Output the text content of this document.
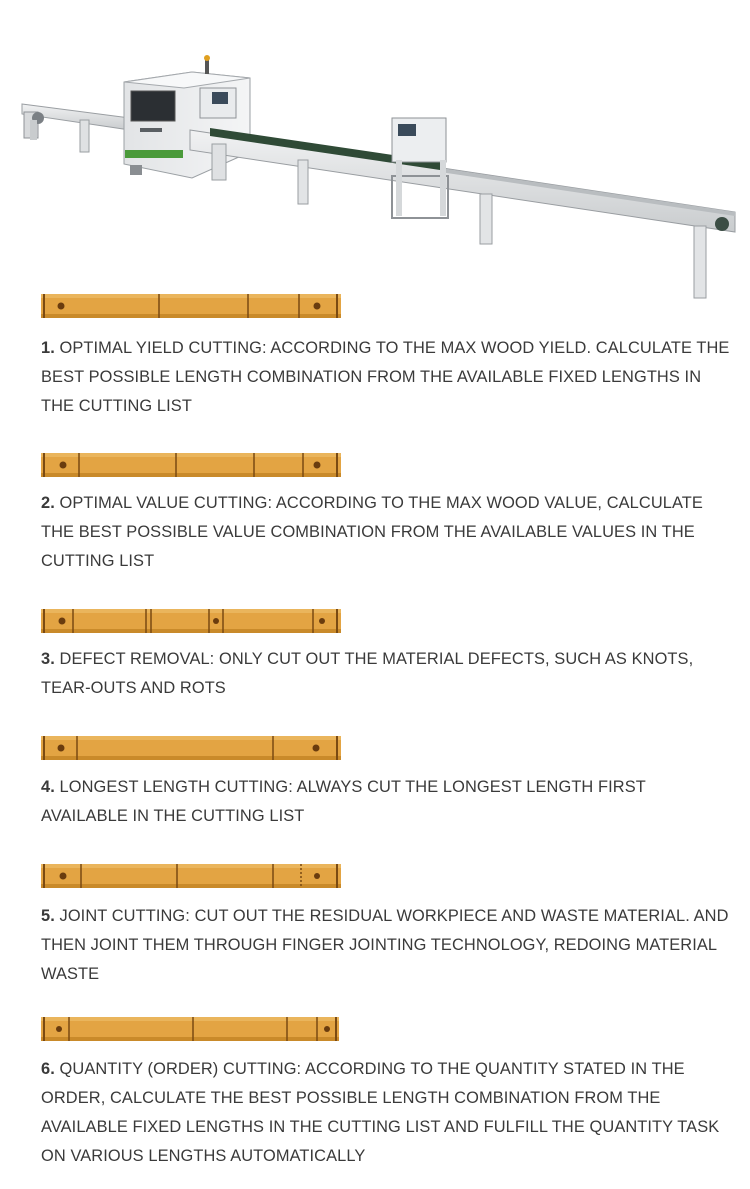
1. OPTIMAL YIELD CUTTING: ACCORDING TO THE MAX WOOD YIELD. CALCULATE THE BEST POSSIBLE LENGTH COMBINATION FROM THE AVAILABLE FIXED LENGTHS IN THE CUTTING LIST

2. OPTIMAL VALUE CUTTING: ACCORDING TO THE MAX WOOD VALUE, CALCULATE THE BEST POSSIBLE VALUE COMBINATION FROM THE AVAILABLE VALUES IN THE CUTTING LIST

3. DEFECT REMOVAL: ONLY CUT OUT THE MATERIAL DEFECTS, SUCH AS KNOTS, TEAR-OUTS AND ROTS

4. LONGEST LENGTH CUTTING: ALWAYS CUT THE LONGEST LENGTH FIRST AVAILABLE IN THE CUTTING LIST

5. JOINT CUTTING: CUT OUT THE RESIDUAL WORKPIECE AND WASTE MATERIAL. AND THEN JOINT THEM THROUGH FINGER JOINTING TECHNOLOGY, REDOING MATERIAL WASTE

6. QUANTITY (ORDER) CUTTING: ACCORDING TO THE QUANTITY STATED IN THE ORDER, CALCULATE THE BEST POSSIBLE LENGTH COMBINATION FROM THE AVAILABLE FIXED LENGTHS IN THE CUTTING LIST AND FULFILL THE QUANTITY TASK ON VARIOUS LENGTHS AUTOMATICALLY
